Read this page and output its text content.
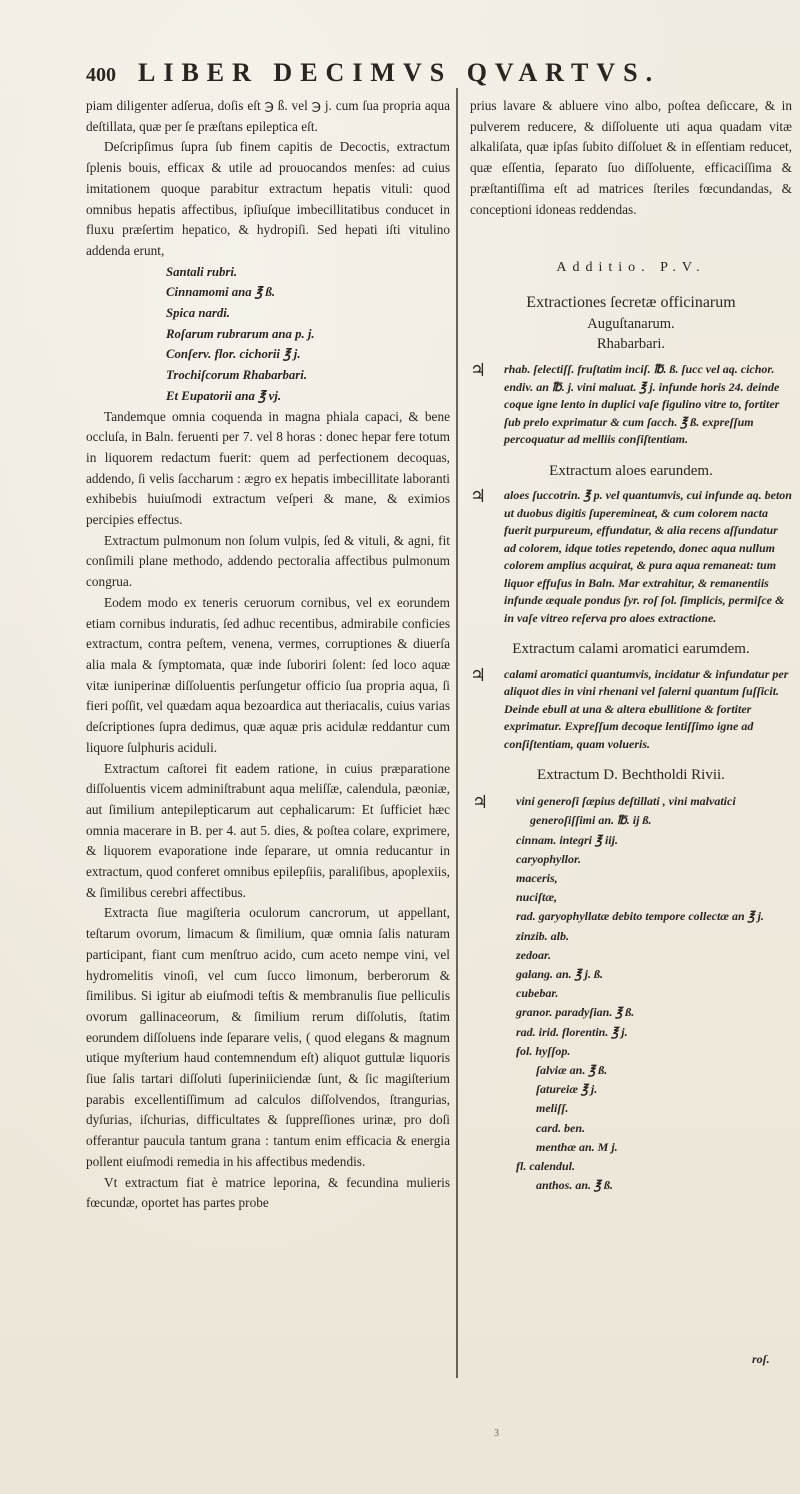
400 LIBER DECIMVS QVARTVS.

piam diligenter adſerua, doſis eſt ℈ ß. vel ℈ j. cum ſua propria aqua deſtillata, quæ per ſe præſtans epileptica eſt.

Deſcripſimus ſupra ſub finem capitis de Decoctis, extractum ſplenis bouis, efficax & utile ad prouocandos menſes: ad cuius imitationem quoque parabitur extractum hepatis vituli: quod omnibus hepatis affectibus, ipſiuſque imbecillitatibus conducet in fluxu præſertim hepatico, & hydropiſi. Sed hepati iſti vitulino addenda erunt,

Santali rubri.
Cinnamomi ana ℥ ß.
Spica nardi.
Roſarum rubrarum ana p. j.
Conſerv. flor. cichorii ℥ j.
Trochiſcorum Rhabarbari.
Et Eupatorii ana ℥ vj.

Tandemque omnia coquenda in magna phiala capaci, & bene occluſa, in Baln. feruenti per 7. vel 8 horas : donec hepar fere totum in liquorem redactum fuerit: quem ad perfectionem decoquas, addendo, ſi velis ſaccharum : ægro ex hepatis imbecillitate laboranti exhibebis huiuſmodi extractum veſperi & mane, & eximios percipies effectus.

Extractum pulmonum non ſolum vulpis, ſed & vituli, & agni, fit conſimili plane methodo, addendo pectoralia affectibus pulmonum congrua.

Eodem modo ex teneris ceruorum cornibus, vel ex eorundem etiam cornibus induratis, ſed adhuc recentibus, admirabile conficies extractum, contra peſtem, venena, vermes, corruptiones & diuerſa alia mala & ſymptomata, quæ inde ſuboriri ſolent: ſed loco aquæ vitæ iuniperinæ diſſoluentis perſungetur officio ſua propria aqua, ſi fieri poſſit, vel quædam aqua bezoardica aut theriacalis, cuius varias deſcriptiones ſupra dedimus, quæ aquæ pris acidulæ reddantur cum liquore ſulphuris aciduli.

Extractum caſtorei fit eadem ratione, in cuius præparatione diſſoluentis vicem adminiſtrabunt aqua meliſſæ, calendula, pæoniæ, aut ſimilium antepilepticarum aut cephalicarum: Et ſufficiet hæc omnia macerare in B. per 4. aut 5. dies, & poſtea colare, exprimere, & liquorem evaporatione inde ſeparare, ut omnia reducantur in extractum, quod conferet omnibus epilepſiis, paraliſibus, apoplexiis, & ſimilibus cerebri affectibus.

Extracta ſiue magiſteria oculorum cancrorum, ut appellant, teſtarum ovorum, limacum & ſimilium, quæ omnia ſalis naturam participant, fiant cum menſtruo acido, cum aceto nempe vini, vel hydromelitis vinoſi, vel cum ſucco limonum, berberorum & ſimilibus. Si igitur ab eiuſmodi teſtis & membranulis ſiue pelliculis ovorum gallinaceorum, & ſimilium rerum diſſolutis, ſtatim eorundem diſſoluens inde ſeparare velis, ( quod elegans & magnum utique myſterium haud contemnendum eſt) aliquot guttulæ liquoris ſiue ſalis tartari diſſoluti ſuperiniiciendæ ſunt, & ſic magiſterium parabis excellentiſſimum ad calculos diſſolvendos, ſtrangurias, dyſurias, iſchurias, difficultates & ſuppreſſiones urinæ, pro doſi offerantur paucula tantum grana : tantum enim efficacia & energia pollent eiuſmodi remedia in his affectibus medendis.

Vt extractum fiat è matrice leporina, & fecundina mulieris fœcundæ, oportet has partes probe

prius lavare & abluere vino albo, poſtea deſiccare, & in pulverem reducere, & diſſoluente uti aqua quadam vitæ alkaliſata, quæ ipſas ſubito diſſoluet & in eſſentiam reducet, quæ eſſentia, ſeparato ſuo diſſoluente, efficaciſſima & præſtantiſſima eſt ad matrices ſteriles fœcundandas, & conceptioni idoneas reddendas.

Additio. P.V.
Extractiones ſecretæ officinarum
Auguſtanarum.
Rhabarbari.
♃ rhab. ſelectiſſ. fruſtatim inciſ. ℔. ß. ſucc vel aq. cichor. endiv. an ℔. j. vini maluat. ℥ j. infunde horis 24. deinde coque igne lento in duplici vaſe figulino vitre to, fortiter ſub prelo exprimatur & cum ſacch. ℥ ß. expreſſum percoquatur ad melliis conſiſtentiam.
Extractum aloes earundem.
♃ aloes ſuccotrin. ℥ p. vel quantumvis, cui infunde aq. beton ut duobus digitis ſuperemineat, & cum colorem nacta fuerit purpureum, effundatur, & alia recens aſſundatur ad colorem, idque toties repetendo, donec aqua nullum colorem amplius acquirat, & pura aqua remaneat: tum liquor effuſus in Baln. Mar extrahitur, & remanentiis infunde æquale pondus ſyr. roſ ſol. ſimplicis, permiſce & in vaſe vitreo reſerva pro aloes extractione.
Extractum calami aromatici earumdem.
♃ calami aromatici quantumvis, incidatur & infundatur per aliquot dies in vini rhenani vel ſalerni quantum ſuſſicit. Deinde ebull at una & altera ebullitione & fortiter exprimatur. Expreſſum decoque lentiſſimo igne ad conſiſtentiam, quam volueris.
Extractum D. Bechtholdi Rivii.
♃ vini generoſi ſæpius deſtillati , vini malvatici
generoſiſſimi an. ℔. ij ß.
cinnam. integri ℥ iij.
caryophyllor.
maceris,
nuciſtæ,
rad. garyophyllatæ debito tempore collectæ an ℥ j.
zinzib. alb.
zedoar.
galang. an. ℥ j. ß.
cubebar.
granor. paradyſian. ℥ ß.
rad. irid. florentin. ℥ j.
fol. hyſſop.
ſalviæ an. ℥ ß.
ſatureiæ ℥ j.
meliſſ.
card. ben.
menthæ an. M j.
fl. calendul.
anthos. an. ℥ ß.
roſ.
3
